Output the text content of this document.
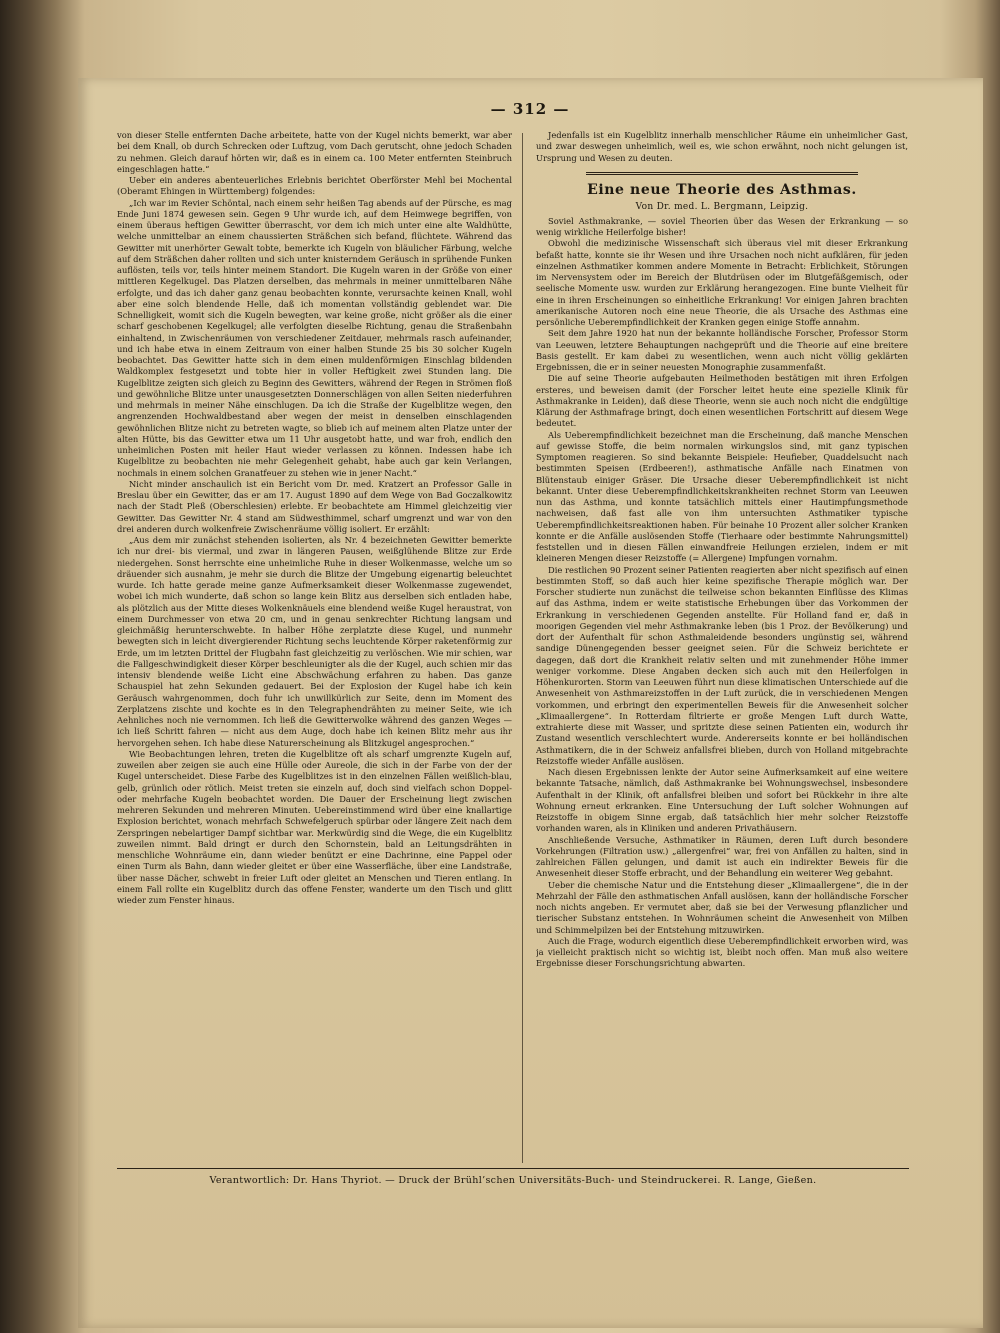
— 312 —

von dieser Stelle entfernten Dache arbeitete, hatte von der Kugel nichts bemerkt, war aber bei dem Knall, ob durch Schrecken oder Luftzug, vom Dach gerutscht, ohne jedoch Schaden zu nehmen. Gleich darauf hörten wir, daß es in einem ca. 100 Meter entfernten Steinbruch eingeschlagen hatte.“

Ueber ein anderes abenteuerliches Erlebnis berichtet Oberförster Mehl bei Mochental (Oberamt Ehingen in Württemberg) folgendes:

„Ich war im Revier Schöntal, nach einem sehr heißen Tag abends auf der Pürsche, es mag Ende Juni 1874 gewesen sein. Gegen 9 Uhr wurde ich, auf dem Heimwege begriffen, von einem überaus heftigen Gewitter überrascht, vor dem ich mich unter eine alte Waldhütte, welche unmittelbar an einem chaussierten Sträßchen sich befand, flüchtete. Während das Gewitter mit unerhörter Gewalt tobte, bemerkte ich Kugeln von bläulicher Färbung, welche auf dem Sträßchen daher rollten und sich unter knisterndem Geräusch in sprühende Funken auflösten, teils vor, teils hinter meinem Standort. Die Kugeln waren in der Größe von einer mittleren Kegelkugel. Das Platzen derselben, das mehrmals in meiner unmittelbaren Nähe erfolgte, und das ich daher ganz genau beobachten konnte, verursachte keinen Knall, wohl aber eine solch blendende Helle, daß ich momentan vollständig geblendet war. Die Schnelligkeit, womit sich die Kugeln bewegten, war keine große, nicht größer als die einer scharf geschobenen Kegelkugel; alle verfolgten dieselbe Richtung, genau die Straßenbahn einhaltend, in Zwischenräumen von verschiedener Zeitdauer, mehrmals rasch aufeinander, und ich habe etwa in einem Zeitraum von einer halben Stunde 25 bis 30 solcher Kugeln beobachtet. Das Gewitter hatte sich in dem einen muldenförmigen Einschlag bildenden Waldkomplex festgesetzt und tobte hier in voller Heftigkeit zwei Stunden lang. Die Kugelblitze zeigten sich gleich zu Beginn des Gewitters, während der Regen in Strömen floß und gewöhnliche Blitze unter unausgesetzten Donnerschlägen von allen Seiten niederfuhren und mehrmals in meiner Nähe einschlugen. Da ich die Straße der Kugelblitze wegen, den angrenzenden Hochwaldbestand aber wegen der meist in denselben einschlagenden gewöhnlichen Blitze nicht zu betreten wagte, so blieb ich auf meinem alten Platze unter der alten Hütte, bis das Gewitter etwa um 11 Uhr ausgetobt hatte, und war froh, endlich den unheimlichen Posten mit heiler Haut wieder verlassen zu können. Indessen habe ich Kugelblitze zu beobachten nie mehr Gelegenheit gehabt, habe auch gar kein Verlangen, nochmals in einem solchen Granatfeuer zu stehen wie in jener Nacht.“

Nicht minder anschaulich ist ein Bericht vom Dr. med. Kratzert an Professor Galle in Breslau über ein Gewitter, das er am 17. August 1890 auf dem Wege von Bad Goczalkowitz nach der Stadt Pleß (Oberschlesien) erlebte. Er beobachtete am Himmel gleichzeitig vier Gewitter. Das Gewitter Nr. 4 stand am Südwesthimmel, scharf umgrenzt und war von den drei anderen durch wolkenfreie Zwischenräume völlig isoliert. Er erzählt:

„Aus dem mir zunächst stehenden isolierten, als Nr. 4 bezeichneten Gewitter bemerkte ich nur drei- bis viermal, und zwar in längeren Pausen, weißglühende Blitze zur Erde niedergehen. Sonst herrschte eine unheimliche Ruhe in dieser Wolkenmasse, welche um so dräuender sich ausnahm, je mehr sie durch die Blitze der Umgebung eigenartig beleuchtet wurde. Ich hatte gerade meine ganze Aufmerksamkeit dieser Wolkenmasse zugewendet, wobei ich mich wunderte, daß schon so lange kein Blitz aus derselben sich entladen habe, als plötzlich aus der Mitte dieses Wolkenknäuels eine blendend weiße Kugel heraustrat, von einem Durchmesser von etwa 20 cm, und in genau senkrechter Richtung langsam und gleichmäßig herunterschwebte. In halber Höhe zerplatzte diese Kugel, und nunmehr bewegten sich in leicht divergierender Richtung sechs leuchtende Körper raketenförmig zur Erde, um im letzten Drittel der Flugbahn fast gleichzeitig zu verlöschen. Wie mir schien, war die Fallgeschwindigkeit dieser Körper beschleunigter als die der Kugel, auch schien mir das intensiv blendende weiße Licht eine Abschwächung erfahren zu haben. Das ganze Schauspiel hat zehn Sekunden gedauert. Bei der Explosion der Kugel habe ich kein Geräusch wahrgenommen, doch fuhr ich unwillkürlich zur Seite, denn im Moment des Zerplatzens zischte und kochte es in den Telegraphendrähten zu meiner Seite, wie ich Aehnliches noch nie vernommen. Ich ließ die Gewitterwolke während des ganzen Weges — ich ließ Schritt fahren — nicht aus dem Auge, doch habe ich keinen Blitz mehr aus ihr hervorgehen sehen. Ich habe diese Naturerscheinung als Blitzkugel angesprochen.“

Wie Beobachtungen lehren, treten die Kugelblitze oft als scharf umgrenzte Kugeln auf, zuweilen aber zeigen sie auch eine Hülle oder Aureole, die sich in der Farbe von der der Kugel unterscheidet. Diese Farbe des Kugelblitzes ist in den einzelnen Fällen weißlich-blau, gelb, grünlich oder rötlich. Meist treten sie einzeln auf, doch sind vielfach schon Doppel- oder mehrfache Kugeln beobachtet worden. Die Dauer der Erscheinung liegt zwischen mehreren Sekunden und mehreren Minuten. Uebereinstimmend wird über eine knallartige Explosion berichtet, wonach mehrfach Schwefelgeruch spürbar oder längere Zeit nach dem Zerspringen nebelartiger Dampf sichtbar war. Merkwürdig sind die Wege, die ein Kugelblitz zuweilen nimmt. Bald dringt er durch den Schornstein, bald an Leitungsdrähten in menschliche Wohnräume ein, dann wieder benützt er eine Dachrinne, eine Pappel oder einen Turm als Bahn, dann wieder gleitet er über eine Wasserfläche, über eine Landstraße, über nasse Dächer, schwebt in freier Luft oder gleitet an Menschen und Tieren entlang. In einem Fall rollte ein Kugelblitz durch das offene Fenster, wanderte um den Tisch und glitt wieder zum Fenster hinaus.

Jedenfalls ist ein Kugelblitz innerhalb menschlicher Räume ein unheimlicher Gast, und zwar deswegen unheimlich, weil es, wie schon erwähnt, noch nicht gelungen ist, Ursprung und Wesen zu deuten.

Eine neue Theorie des Asthmas.
Von Dr. med. L. Bergmann, Leipzig.

Soviel Asthmakranke, — soviel Theorien über das Wesen der Erkrankung — so wenig wirkliche Heilerfolge bisher!

Obwohl die medizinische Wissenschaft sich überaus viel mit dieser Erkrankung befaßt hatte, konnte sie ihr Wesen und ihre Ursachen noch nicht aufklären, für jeden einzelnen Asthmatiker kommen andere Momente in Betracht: Erblichkeit, Störungen im Nervensystem oder im Bereich der Blutdrüsen oder im Blutgefäßgemisch, oder seelische Momente usw. wurden zur Erklärung herangezogen. Eine bunte Vielheit für eine in ihren Erscheinungen so einheitliche Erkrankung! Vor einigen Jahren brachten amerikanische Autoren noch eine neue Theorie, die als Ursache des Asthmas eine persönliche Ueberempfindlichkeit der Kranken gegen einige Stoffe annahm.

Seit dem Jahre 1920 hat nun der bekannte holländische Forscher, Professor Storm van Leeuwen, letztere Behauptungen nachgeprüft und die Theorie auf eine breitere Basis gestellt. Er kam dabei zu wesentlichen, wenn auch nicht völlig geklärten Ergebnissen, die er in seiner neuesten Monographie zusammenfaßt.

Die auf seine Theorie aufgebauten Heilmethoden bestätigen mit ihren Erfolgen ersteres, und beweisen damit (der Forscher leitet heute eine spezielle Klinik für Asthmakranke in Leiden), daß diese Theorie, wenn sie auch noch nicht die endgültige Klärung der Asthmafrage bringt, doch einen wesentlichen Fortschritt auf diesem Wege bedeutet.

Als Ueberempfindlichkeit bezeichnet man die Erscheinung, daß manche Menschen auf gewisse Stoffe, die beim normalen wirkungslos sind, mit ganz typischen Symptomen reagieren. So sind bekannte Beispiele: Heufieber, Quaddelsucht nach bestimmten Speisen (Erdbeeren!), asthmatische Anfälle nach Einatmen von Blütenstaub einiger Gräser. Die Ursache dieser Ueberempfindlichkeit ist nicht bekannt. Unter diese Ueberempfindlichkeitskrankheiten rechnet Storm van Leeuwen nun das Asthma, und konnte tatsächlich mittels einer Hautimpfungsmethode nachweisen, daß fast alle von ihm untersuchten Asthmatiker typische Ueberempfindlichkeitsreaktionen haben. Für beinahe 10 Prozent aller solcher Kranken konnte er die Anfälle auslösenden Stoffe (Tierhaare oder bestimmte Nahrungsmittel) feststellen und in diesen Fällen einwandfreie Heilungen erzielen, indem er mit kleineren Mengen dieser Reizstoffe (= Allergene) Impfungen vornahm.

Die restlichen 90 Prozent seiner Patienten reagierten aber nicht spezifisch auf einen bestimmten Stoff, so daß auch hier keine spezifische Therapie möglich war. Der Forscher studierte nun zunächst die teilweise schon bekannten Einflüsse des Klimas auf das Asthma, indem er weite statistische Erhebungen über das Vorkommen der Erkrankung in verschiedenen Gegenden anstellte. Für Holland fand er, daß in moorigen Gegenden viel mehr Asthmakranke leben (bis 1 Proz. der Bevölkerung) und dort der Aufenthalt für schon Asthmaleidende besonders ungünstig sei, während sandige Dünengegenden besser geeignet seien. Für die Schweiz berichtete er dagegen, daß dort die Krankheit relativ selten und mit zunehmender Höhe immer weniger vorkomme. Diese Angaben decken sich auch mit den Heilerfolgen in Höhenkurorten. Storm van Leeuwen führt nun diese klimatischen Unterschiede auf die Anwesenheit von Asthmareizstoffen in der Luft zurück, die in verschiedenen Mengen vorkommen, und erbringt den experimentellen Beweis für die Anwesenheit solcher „Klimaallergene“. In Rotterdam filtrierte er große Mengen Luft durch Watte, extrahierte diese mit Wasser, und spritzte diese seinen Patienten ein, wodurch ihr Zustand wesentlich verschlechtert wurde. Andererseits konnte er bei holländischen Asthmatikern, die in der Schweiz anfallsfrei blieben, durch von Holland mitgebrachte Reizstoffe wieder Anfälle auslösen.

Nach diesen Ergebnissen lenkte der Autor seine Aufmerksamkeit auf eine weitere bekannte Tatsache, nämlich, daß Asthmakranke bei Wohnungswechsel, insbesondere Aufenthalt in der Klinik, oft anfallsfrei bleiben und sofort bei Rückkehr in ihre alte Wohnung erneut erkranken. Eine Untersuchung der Luft solcher Wohnungen auf Reizstoffe in obigem Sinne ergab, daß tatsächlich hier mehr solcher Reizstoffe vorhanden waren, als in Kliniken und anderen Privathäusern.

Anschließende Versuche, Asthmatiker in Räumen, deren Luft durch besondere Vorkehrungen (Filtration usw.) „allergenfrei“ war, frei von Anfällen zu halten, sind in zahlreichen Fällen gelungen, und damit ist auch ein indirekter Beweis für die Anwesenheit dieser Stoffe erbracht, und der Behandlung ein weiterer Weg gebahnt.

Ueber die chemische Natur und die Entstehung dieser „Klimaallergene“, die in der Mehrzahl der Fälle den asthmatischen Anfall auslösen, kann der holländische Forscher noch nichts angeben. Er vermutet aber, daß sie bei der Verwesung pflanzlicher und tierischer Substanz entstehen. In Wohnräumen scheint die Anwesenheit von Milben und Schimmelpilzen bei der Entstehung mitzuwirken.

Auch die Frage, wodurch eigentlich diese Ueberempfindlichkeit erworben wird, was ja vielleicht praktisch nicht so wichtig ist, bleibt noch offen. Man muß also weitere Ergebnisse dieser Forschungsrichtung abwarten.

Verantwortlich: Dr. Hans Thyriot. — Druck der Brühl’schen Universitäts-Buch- und Steindruckerei. R. Lange, Gießen.
